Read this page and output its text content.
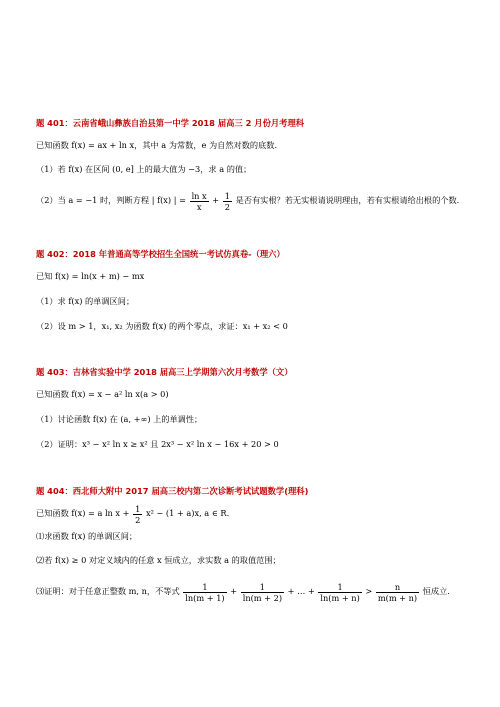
题 401：云南省峨山彝族自治县第一中学 2018 届高三 2 月份月考理科
已知函数 f(x) = ax + ln x，其中 a 为常数，e 为自然对数的底数.
（1）若 f(x) 在区间 (0, e] 上的最大值为 −3，求 a 的值；
（2）当 a = −1 时，判断方程 | f(x) | = $\frac{\text{ln x}}{x} + \frac{1}{2}$ 是否有实根？若无实根请说明理由，若有实根请给出根的个数.
题 402：2018 年普通高等学校招生全国统一考试仿真卷-（理六）
已知 f(x) = ln(x + m) − mx
（1）求 f(x) 的单调区间；
（2）设 m > 1，x₁, x₂ 为函数 f(x) 的两个零点，求证：x₁ + x₂ < 0
题 403：吉林省实验中学 2018 届高三上学期第六次月考数学（文）
已知函数 f(x) = x − a² ln x(a > 0)
（1）讨论函数 f(x) 在 (a, +∞) 上的单调性；
（2）证明：x³ − x² ln x ≥ x² 且 2x³ − x² ln x − 16x + 20 > 0
题 404：西北师大附中 2017 届高三校内第二次诊断考试试题数学(理科)
已知函数 f(x) = a $\ln x + \frac{1}{2} x^2 - (1 + a)x$, a ∈ R.
⑴求函数 f(x) 的单调区间；
⑵若 f(x) ≥ 0 对定义域内的任意 x 恒成立，求实数 a 的取值范围；
⑶证明：对于任意正整数 m, n，不等式 $\frac{1}{\ln(m + 1)} + \frac{1}{\ln(m + 2)}$ + … + $\frac{1}{\ln(m + n)} > \frac{n}{m(m + n)}$ 恒成立.
